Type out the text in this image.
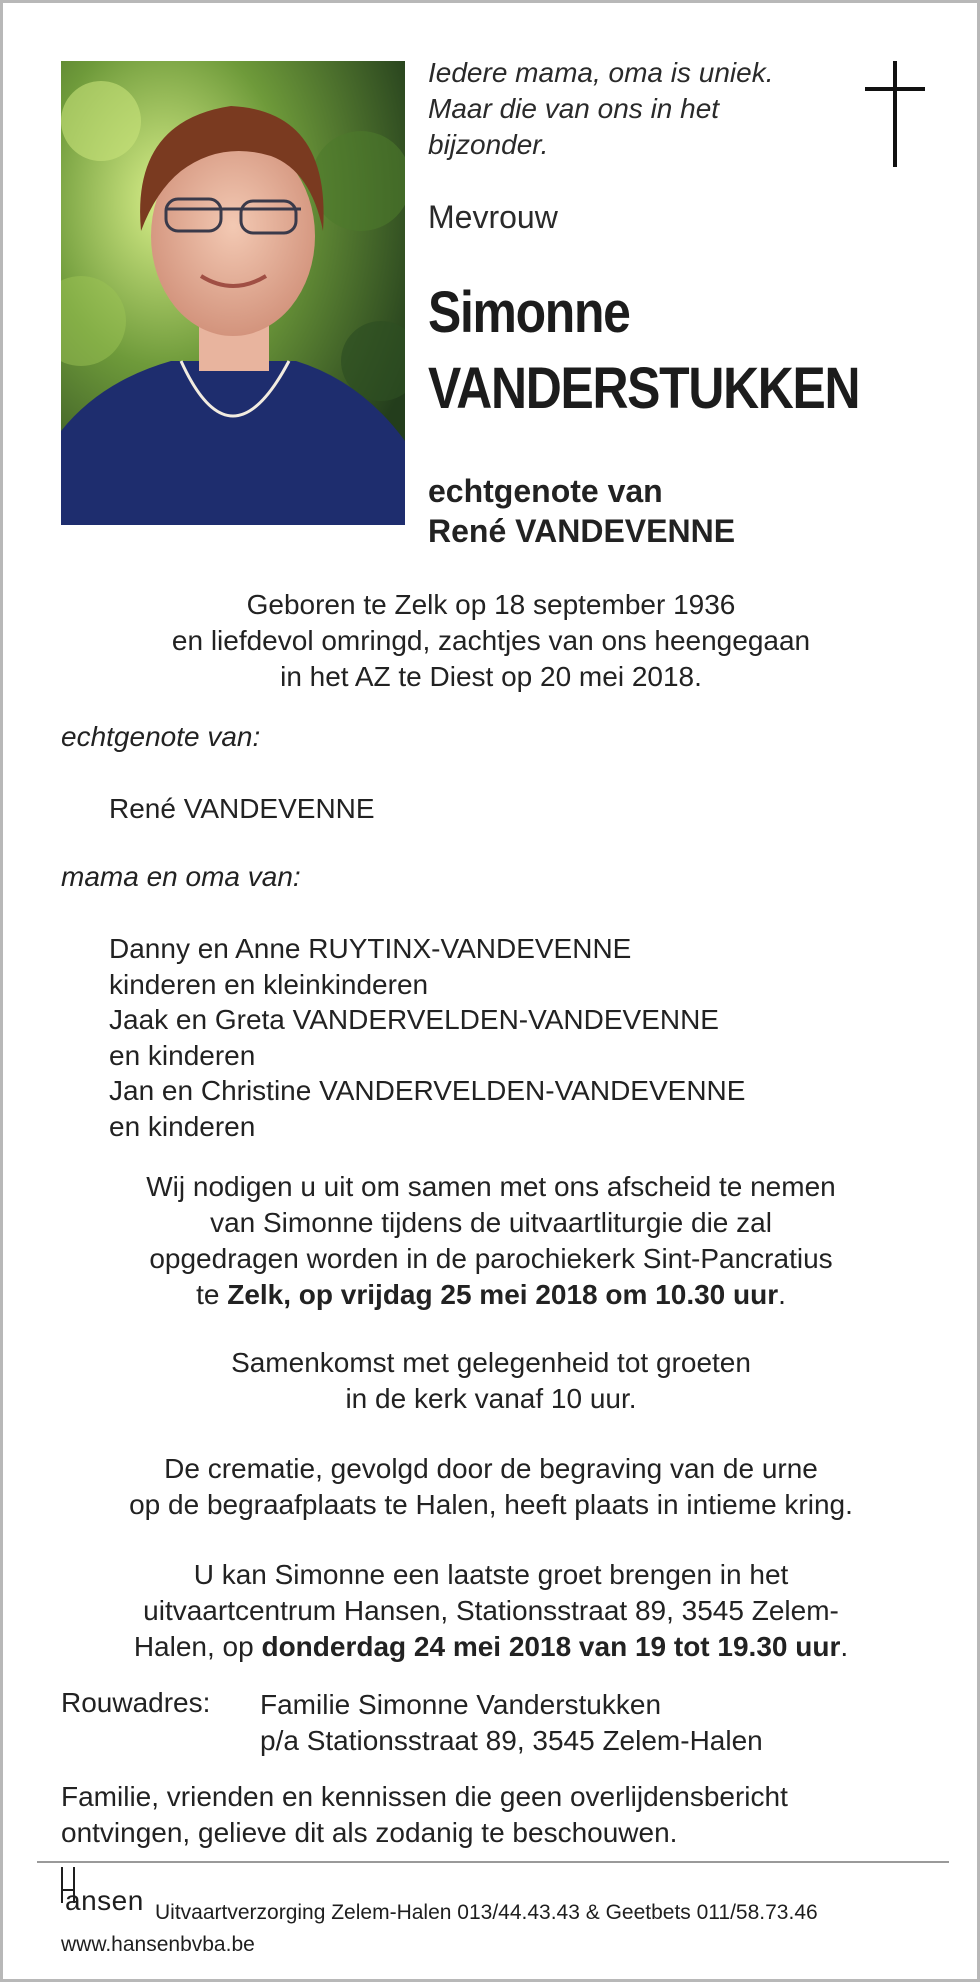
Iedere mama, oma is uniek.
Maar die van ons in het
bijzonder.
Mevrouw
Simonne
VANDERSTUKKEN
echtgenote van
René VANDEVENNE
Geboren te Zelk op 18 september 1936
en liefdevol omringd, zachtjes van ons heengegaan
in het AZ te Diest op 20 mei 2018.
echtgenote van:
René VANDEVENNE
mama en oma van:
Danny en Anne RUYTINX-VANDEVENNE
kinderen en kleinkinderen
Jaak en Greta VANDERVELDEN-VANDEVENNE
en kinderen
Jan en Christine VANDERVELDEN-VANDEVENNE
en kinderen
Wij nodigen u uit om samen met ons afscheid te nemen
van Simonne tijdens de uitvaartliturgie die zal
opgedragen worden in de parochiekerk Sint-Pancratius
te Zelk, op vrijdag 25 mei 2018 om 10.30 uur.
Samenkomst met gelegenheid tot groeten
in de kerk vanaf 10 uur.
De crematie, gevolgd door de begraving van de urne
op de begraafplaats te Halen, heeft plaats in intieme kring.
U kan Simonne een laatste groet brengen in het
uitvaartcentrum Hansen, Stationsstraat 89, 3545 Zelem-
Halen, op donderdag 24 mei 2018 van 19 tot 19.30 uur.
Rouwadres: Familie Simonne Vanderstukken
p/a Stationsstraat 89, 3545 Zelem-Halen
Familie, vrienden en kennissen die geen overlijdensbericht
ontvingen, gelieve dit als zodanig te beschouwen.
ansen Uitvaartverzorging Zelem-Halen 013/44.43.43 & Geetbets 011/58.73.46
www.hansenbvba.be
